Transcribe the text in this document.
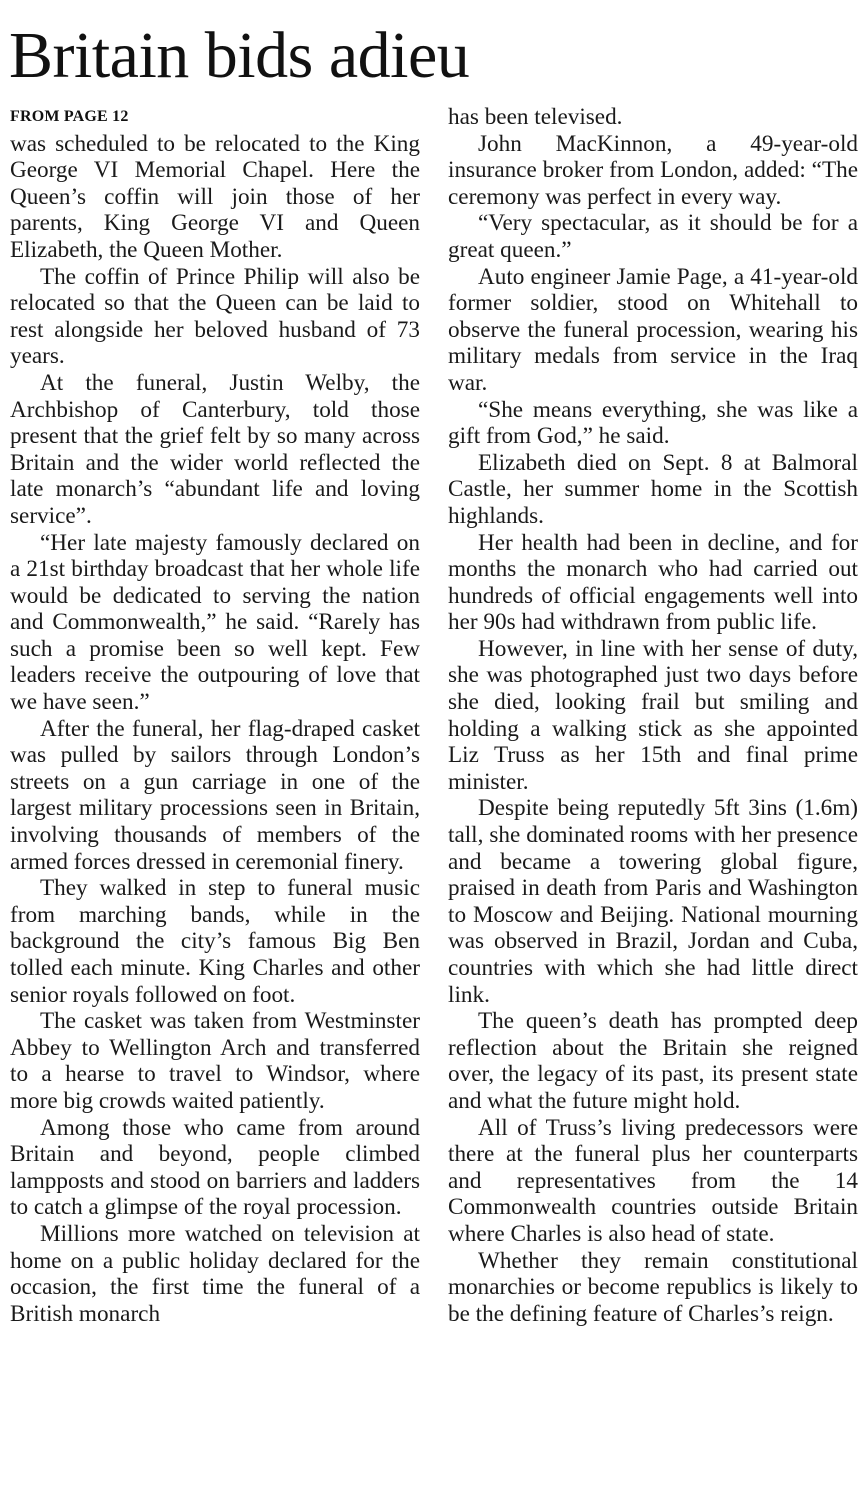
Britain bids adieu
FROM PAGE 12

was scheduled to be relocated to the King George VI Memorial Chapel. Here the Queen’s coffin will join those of her parents, King George VI and Queen Elizabeth, the Queen Mother.

The coffin of Prince Philip will also be relocated so that the Queen can be laid to rest alongside her beloved husband of 73 years.

At the funeral, Justin Welby, the Archbishop of Canterbury, told those present that the grief felt by so many across Britain and the wider world reflected the late monarch’s “abundant life and loving service”.

“Her late majesty famously declared on a 21st birthday broadcast that her whole life would be dedicated to serving the nation and Commonwealth,” he said. “Rarely has such a promise been so well kept. Few leaders receive the outpouring of love that we have seen.”

After the funeral, her flag-draped casket was pulled by sailors through London’s streets on a gun carriage in one of the largest military processions seen in Britain, involving thousands of members of the armed forces dressed in ceremonial finery.

They walked in step to funeral music from marching bands, while in the background the city’s famous Big Ben tolled each minute. King Charles and other senior royals followed on foot.

The casket was taken from Westminster Abbey to Wellington Arch and transferred to a hearse to travel to Windsor, where more big crowds waited patiently.

Among those who came from around Britain and beyond, people climbed lampposts and stood on barriers and ladders to catch a glimpse of the royal procession.

Millions more watched on television at home on a public holiday declared for the occasion, the first time the funeral of a British monarch

has been televised.

John MacKinnon, a 49-year-old insurance broker from London, added: “The ceremony was perfect in every way.

“Very spectacular, as it should be for a great queen.”

Auto engineer Jamie Page, a 41-year-old former soldier, stood on Whitehall to observe the funeral procession, wearing his military medals from service in the Iraq war.

“She means everything, she was like a gift from God,” he said.

Elizabeth died on Sept. 8 at Balmoral Castle, her summer home in the Scottish highlands.

Her health had been in decline, and for months the monarch who had carried out hundreds of official engagements well into her 90s had withdrawn from public life.

However, in line with her sense of duty, she was photographed just two days before she died, looking frail but smiling and holding a walking stick as she appointed Liz Truss as her 15th and final prime minister.

Despite being reputedly 5ft 3ins (1.6m) tall, she dominated rooms with her presence and became a towering global figure, praised in death from Paris and Washington to Moscow and Beijing. National mourning was observed in Brazil, Jordan and Cuba, countries with which she had little direct link.

The queen’s death has prompted deep reflection about the Britain she reigned over, the legacy of its past, its present state and what the future might hold.

All of Truss’s living predecessors were there at the funeral plus her counterparts and representatives from the 14 Commonwealth countries outside Britain where Charles is also head of state.

Whether they remain constitutional monarchies or become republics is likely to be the defining feature of Charles’s reign.
